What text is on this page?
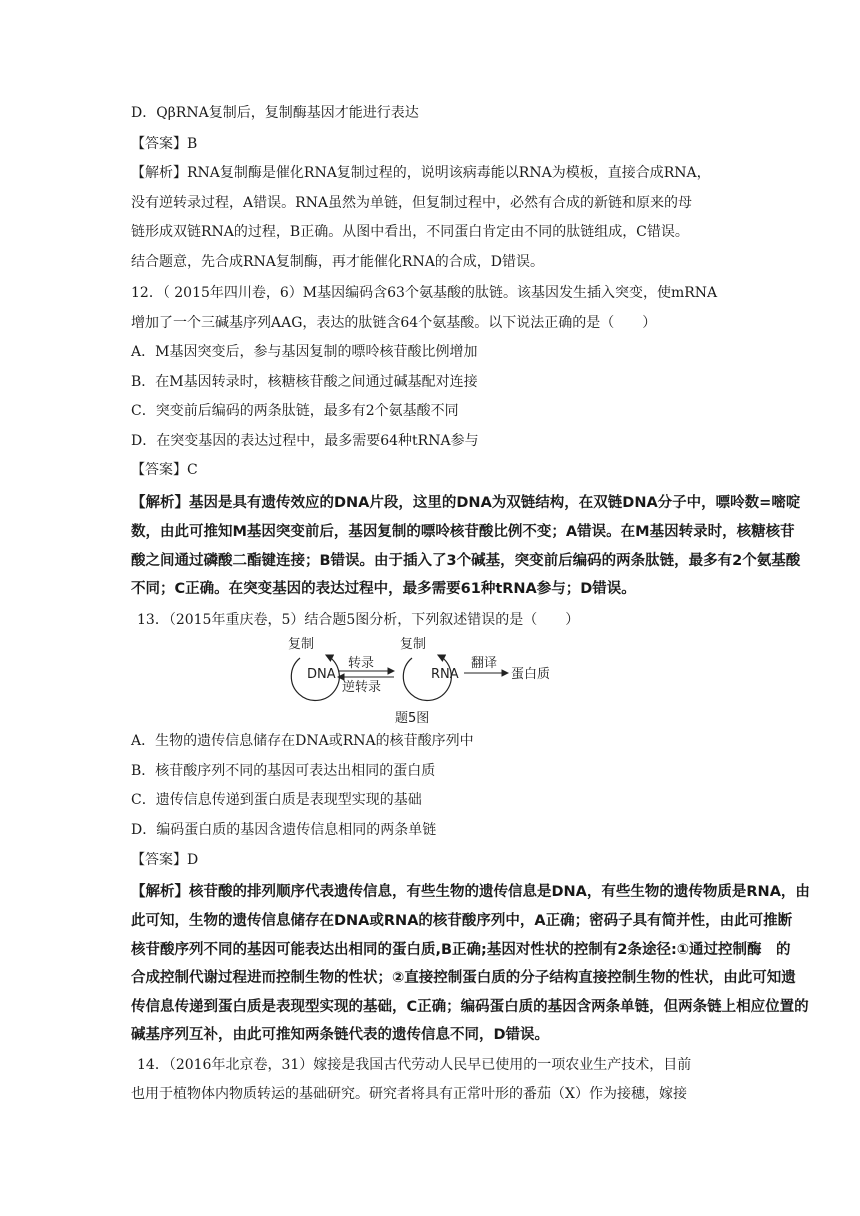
D．QβRNA复制后，复制酶基因才能进行表达
【答案】B
【解析】RNA复制酶是催化RNA复制过程的，说明该病毒能以RNA为模板，直接合成RNA，
没有逆转录过程，A错误。RNA虽然为单链，但复制过程中，必然有合成的新链和原来的母
链形成双链RNA的过程，B正确。从图中看出，不同蛋白肯定由不同的肽链组成，C错误。
结合题意，先合成RNA复制酶，再才能催化RNA的合成，D错误。
12．（ 2015年四川卷，6）M基因编码含63个氨基酸的肽链。该基因发生插入突变，使mRNA
增加了一个三碱基序列AAG，表达的肽链含64个氨基酸。以下说法正确的是（　　）
A．M基因突变后，参与基因复制的嘌呤核苷酸比例增加
B．在M基因转录时，核糖核苷酸之间通过碱基配对连接
C．突变前后编码的两条肽链，最多有2个氨基酸不同
D．在突变基因的表达过程中，最多需要64种tRNA参与
【答案】C
【解析】基因是具有遗传效应的DNA片段，这里的DNA为双链结构，在双链DNA分子中，嘌呤数=嘧啶
数，由此可推知M基因突变前后，基因复制的嘌呤核苷酸比例不变；A错误。在M基因转录时，核糖核苷
酸之间通过磷酸二酯键连接；B错误。由于插入了3个碱基，突变前后编码的两条肽链，最多有2个氨基酸
不同；C正确。在突变基因的表达过程中，最多需要61种tRNA参与；D错误。
13．（2015年重庆卷，5）结合题5图分析，下列叙述错误的是（　　）
复制
DNA
转录
逆转录
复制
RNA
翻译
蛋白质
题5图
A．生物的遗传信息储存在DNA或RNA的核苷酸序列中
B．核苷酸序列不同的基因可表达出相同的蛋白质
C．遗传信息传递到蛋白质是表现型实现的基础
D．编码蛋白质的基因含遗传信息相同的两条单链
【答案】D
【解析】核苷酸的排列顺序代表遗传信息，有些生物的遗传信息是DNA，有些生物的遗传物质是RNA，由
此可知，生物的遗传信息储存在DNA或RNA的核苷酸序列中，A正确；密码子具有简并性，由此可推断
核苷酸序列不同的基因可能表达出相同的蛋白质,B正确;基因对性状的控制有2条途径:①通过控制酶　的
合成控制代谢过程进而控制生物的性状；②直接控制蛋白质的分子结构直接控制生物的性状，由此可知遗
传信息传递到蛋白质是表现型实现的基础，C正确；编码蛋白质的基因含两条单链，但两条链上相应位置的
碱基序列互补，由此可推知两条链代表的遗传信息不同，D错误。
14．（2016年北京卷，31）嫁接是我国古代劳动人民早已使用的一项农业生产技术，目前
也用于植物体内物质转运的基础研究。研究者将具有正常叶形的番茄（X）作为接穗，嫁接
